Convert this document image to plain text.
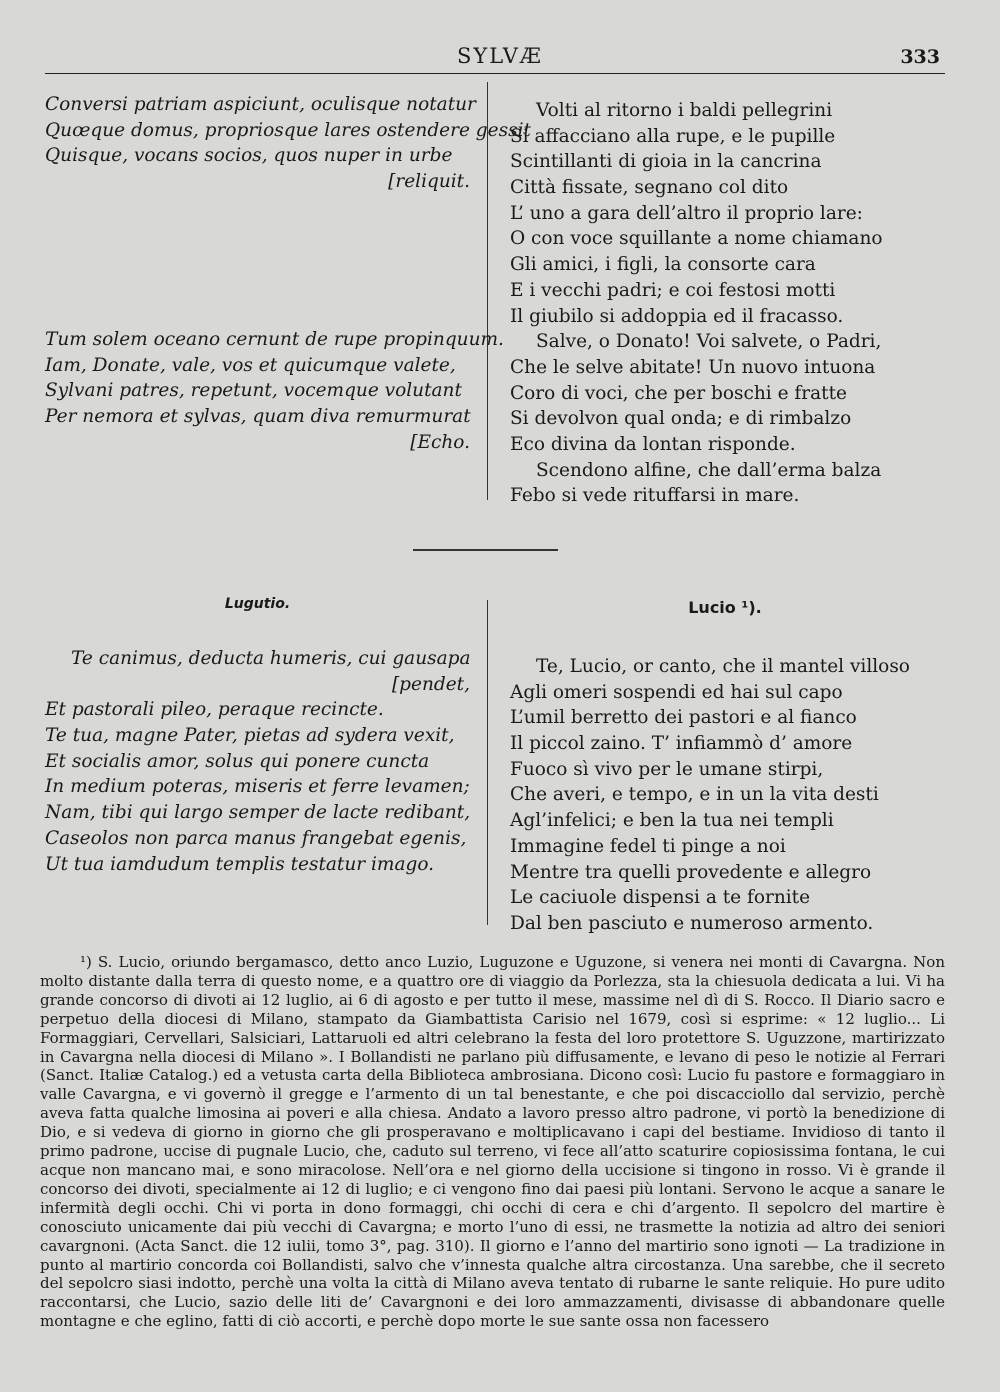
SYLVÆ	333
Conversi patriam aspiciunt, oculisque notatur
Quœque domus, propriosque lares ostendere gessit
Quisque, vocans socios, quos nuper in urbe
[reliquit.
Tum solem oceano cernunt de rupe propinquum.
Iam, Donate, vale, vos et quicumque valete,
Sylvani patres, repetunt, vocemque volutant
Per nemora et sylvas, quam diva remurmurat
[Echo.
Volti al ritorno i baldi pellegrini
Si affacciano alla rupe, e le pupille
Scintillanti di gioia in la cancrina
Città fissate, segnano col dito
L’ uno a gara dell’altro il proprio lare:
O con voce squillante a nome chiamano
Gli amici, i figli, la consorte cara
E i vecchi padri; e coi festosi motti
Il giubilo si addoppia ed il fracasso.
Salve, o Donato! Voi salvete, o Padri,
Che le selve abitate! Un nuovo intuona
Coro di voci, che per boschi e fratte
Si devolvon qual onda; e di rimbalzo
Eco divina da lontan risponde.
Scendono alfine, che dall’erma balza
Febo si vede rituffarsi in mare.
Lugutio.	Lucio ¹).
Te canimus, deducta humeris, cui gausapa
[pendet,
Et pastorali pileo, peraque recincte.
Te tua, magne Pater, pietas ad sydera vexit,
Et socialis amor, solus qui ponere cuncta
In medium poteras, miseris et ferre levamen;
Nam, tibi qui largo semper de lacte redibant,
Caseolos non parca manus frangebat egenis,
Ut tua iamdudum templis testatur imago.
Te, Lucio, or canto, che il mantel villoso
Agli omeri sospendi ed hai sul capo
L’umil berretto dei pastori e al fianco
Il piccol zaino. T’ infiammò d’ amore
Fuoco sì vivo per le umane stirpi,
Che averi, e tempo, e in un la vita desti
Agl’infelici; e ben la tua nei templi
Immagine fedel ti pinge a noi
Mentre tra quelli provedente e allegro
Le caciuole dispensi a te fornite
Dal ben pasciuto e numeroso armento.

¹) S. Lucio, oriundo bergamasco, detto anco Luzio, Luguzone e Uguzone, si venera nei monti di Cavargna. Non molto distante dalla terra di questo nome, e a quattro ore di viaggio da Porlezza, sta la chiesuola dedicata a lui. Vi ha grande concorso di divoti ai 12 luglio, ai 6 di agosto e per tutto il mese, massime nel dì di S. Rocco. Il Diario sacro e perpetuo della diocesi di Milano, stampato da Giambattista Carisio nel 1679, così si esprime: « 12 luglio... Li Formaggiari, Cervellari, Salsiciari, Lattaruoli ed altri celebrano la festa del loro protettore S. Uguzzone, martirizzato in Cavargna nella diocesi di Milano ». I Bollandisti ne parlano più diffusamente, e levano di peso le notizie al Ferrari (Sanct. Italiæ Catalog.) ed a vetusta carta della Biblioteca ambrosiana. Dicono così: Lucio fu pastore e formaggiaro in valle Cavargna, e vi governò il gregge e l’armento di un tal benestante, e che poi discacciollo dal servizio, perchè aveva fatta qualche limosina ai poveri e alla chiesa. Andato a lavoro presso altro padrone, vi portò la benedizione di Dio, e si vedeva di giorno in giorno che gli prosperavano e moltiplicavano i capi del bestiame. Invidioso di tanto il primo padrone, uccise di pugnale Lucio, che, caduto sul terreno, vi fece all’atto scaturire copiosissima fontana, le cui acque non mancano mai, e sono miracolose. Nell’ora e nel giorno della uccisione si tingono in rosso. Vi è grande il concorso dei divoti, specialmente ai 12 di luglio; e ci vengono fino dai paesi più lontani. Servono le acque a sanare le infermità degli occhi. Chi vi porta in dono formaggi, chi occhi di cera e chi d’argento. Il sepolcro del martire è conosciuto unicamente dai più vecchi di Cavargna; e morto l’uno di essi, ne trasmette la notizia ad altro dei seniori cavargnoni. (Acta Sanct. die 12 iulii, tomo 3°, pag. 310). Il giorno e l’anno del martirio sono ignoti — La tradizione in punto al martirio concorda coi Bollandisti, salvo che v’innesta qualche altra circostanza. Una sarebbe, che il secreto del sepolcro siasi indotto, perchè una volta la città di Milano aveva tentato di rubarne le sante reliquie. Ho pure udito raccontarsi, che Lucio, sazio delle liti de’ Cavargnoni e dei loro ammazzamenti, divisasse di abbandonare quelle montagne e che eglino, fatti di ciò accorti, e perchè dopo morte le sue sante ossa non facessero
